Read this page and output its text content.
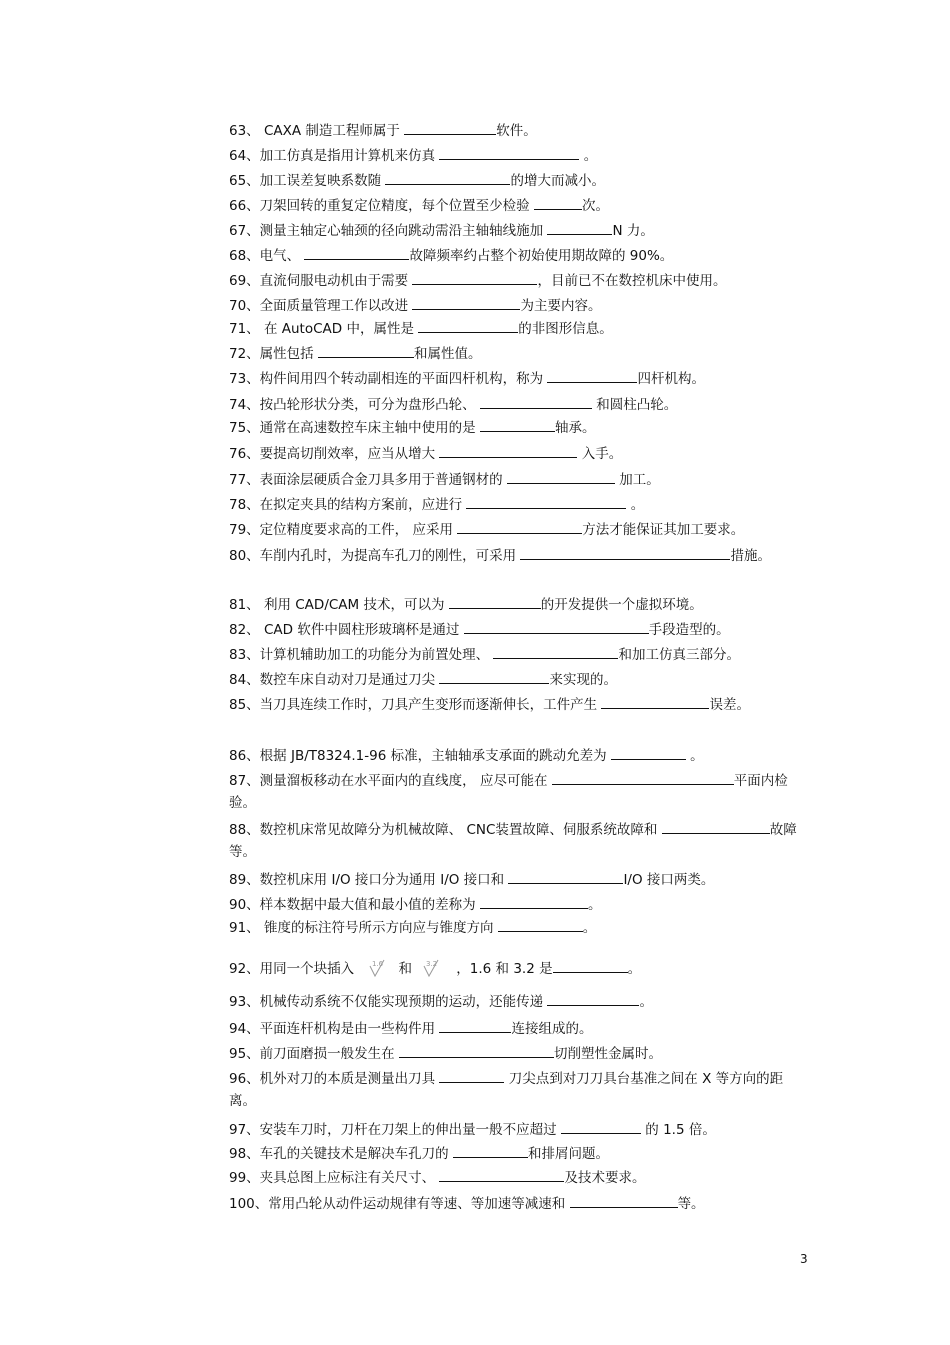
63、 CAXA 制造工程师属于	软件。
64、加工仿真是指用计算机来仿真	。
65、加工误差复映系数随	的增大而减小。
66、刀架回转的重复定位精度，每个位置至少检验	次。
67、测量主轴定心轴颈的径向跳动需沿主轴轴线施加	N 力。
68、电气、	故障频率约占整个初始使用期故障的 90%。
69、直流伺服电动机由于需要	，目前已不在数控机床中使用。
70、全面质量管理工作以改进	为主要内容。
71、 在 AutoCAD 中，属性是	的非图形信息。
72、属性包括	和属性值。
73、构件间用四个转动副相连的平面四杆机构，称为	四杆机构。
74、按凸轮形状分类，可分为盘形凸轮、	和圆柱凸轮。
75、通常在高速数控车床主轴中使用的是	轴承。
76、要提高切削效率，应当从增大	入手。
77、表面涂层硬质合金刀具多用于普通钢材的	加工。
78、在拟定夹具的结构方案前，应进行	。
79、定位精度要求高的工件， 应采用	方法才能保证其加工要求。
80、车削内孔时，为提高车孔刀的刚性，可采用	措施。
81、 利用 CAD/CAM 技术，可以为	的开发提供一个虚拟环境。
82、 CAD 软件中圆柱形玻璃杯是通过	手段造型的。
83、计算机辅助加工的功能分为前置处理、	和加工仿真三部分。
84、数控车床自动对刀是通过刀尖	来实现的。
85、当刀具连续工作时，刀具产生变形而逐渐伸长，工件产生	误差。
86、根据 JB/T8324.1-96 标准，主轴轴承支承面的跳动允差为	。
87、测量溜板移动在水平面内的直线度， 应尽可能在	平面内检验。
88、数控机床常见故障分为机械故障、 CNC装置故障、伺服系统故障和	故障等。
89、数控机床用 I/O 接口分为通用 I/O 接口和	I/O 接口两类。
90、样本数据中最大值和最小值的差称为	。
91、 锥度的标注符号所示方向应与锥度方向	。
92、用同一个块插入 1.6 和 3.2 ，1.6 和 3.2 是	。
93、机械传动系统不仅能实现预期的运动，还能传递	。
94、平面连杆机构是由一些构件用	连接组成的。
95、前刀面磨损一般发生在	切削塑性金属时。
96、机外对刀的本质是测量出刀具	刀尖点到对刀刀具台基准之间在 X 等方向的距离。
97、安装车刀时，刀杆在刀架上的伸出量一般不应超过	的 1.5 倍。
98、车孔的关键技术是解决车孔刀的	和排屑问题。
99、夹具总图上应标注有关尺寸、	及技术要求。
100、常用凸轮从动件运动规律有等速、等加速等减速和	等。
3
